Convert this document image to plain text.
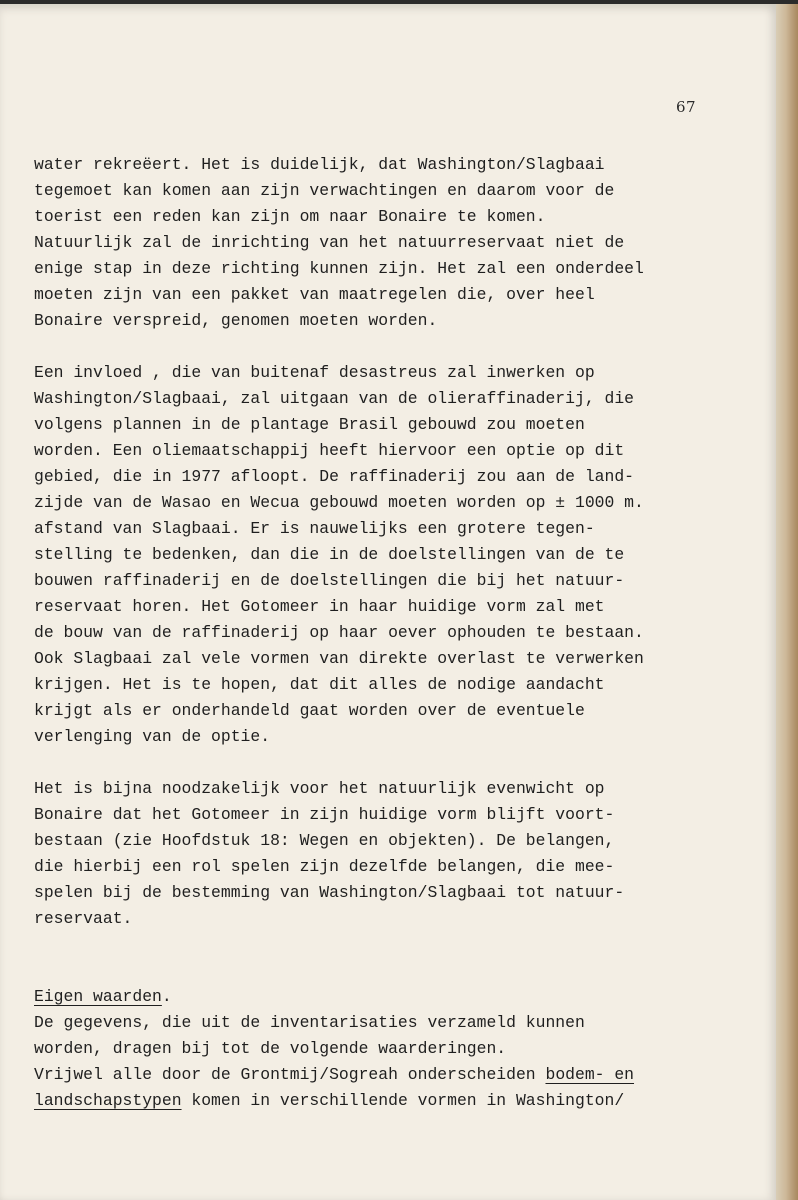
67
water rekreëert. Het is duidelijk, dat Washington/Slagbaai
tegemoet kan komen aan zijn verwachtingen en daarom voor de
toerist een reden kan zijn om naar Bonaire te komen.
Natuurlijk zal de inrichting van het natuurreservaat niet de
enige stap in deze richting kunnen zijn. Het zal een onderdeel
moeten zijn van een pakket van maatregelen die, over heel
Bonaire verspreid, genomen moeten worden.
Een invloed , die van buitenaf desastreus zal inwerken op
Washington/Slagbaai, zal uitgaan van de olieraffinaderij, die
volgens plannen in de plantage Brasil gebouwd zou moeten
worden. Een oliemaatschappij heeft hiervoor een optie op dit
gebied, die in 1977 afloopt. De raffinaderij zou aan de land-
zijde van de Wasao en Wecua gebouwd moeten worden op ± 1000 m.
afstand van Slagbaai. Er is nauwelijks een grotere tegen-
stelling te bedenken, dan die in de doelstellingen van de te
bouwen raffinaderij en de doelstellingen die bij het natuur-
reservaat horen. Het Gotomeer in haar huidige vorm zal met
de bouw van de raffinaderij op haar oever ophouden te bestaan.
Ook Slagbaai zal vele vormen van direkte overlast te verwerken
krijgen. Het is te hopen, dat dit alles de nodige aandacht
krijgt als er onderhandeld gaat worden over de eventuele
verlenging van de optie.
Het is bijna noodzakelijk voor het natuurlijk evenwicht op
Bonaire dat het Gotomeer in zijn huidige vorm blijft voort-
bestaan (zie Hoofdstuk 18: Wegen en objekten). De belangen,
die hierbij een rol spelen zijn dezelfde belangen, die mee-
spelen bij de bestemming van Washington/Slagbaai tot natuur-
reservaat.
Eigen waarden.
De gegevens, die uit de inventarisaties verzameld kunnen
worden, dragen bij tot de volgende waarderingen.
Vrijwel alle door de Grontmij/Sogreah onderscheiden bodem- en
landschapstypen komen in verschillende vormen in Washington/
